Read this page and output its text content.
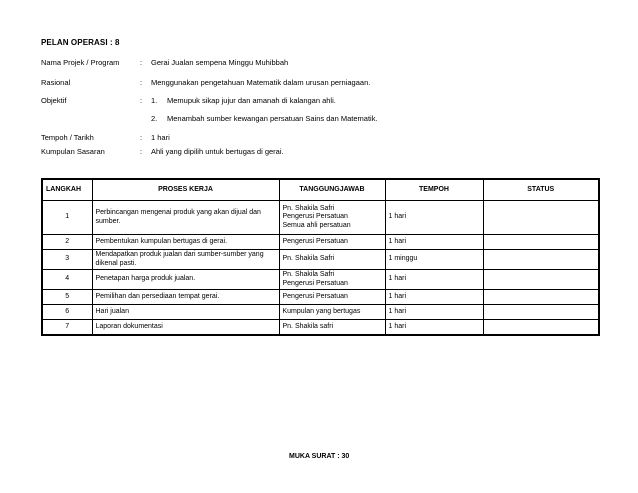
PELAN OPERASI : 8
Nama Projek / Program	: Gerai Jualan sempena Minggu Muhibbah
Rasional	: Menggunakan pengetahuan Matematik dalam urusan perniagaan.
Objektif	: 1. Memupuk sikap jujur dan amanah di kalangan ahli.
2. Menambah sumber kewangan persatuan Sains dan Matematik.
Tempoh / Tarikh	: 1 hari
Kumpulan Sasaran	: Ahli yang dipilih untuk bertugas di gerai.
LANGKAH	PROSES KERJA	TANGGUNGJAWAB	TEMPOH	STATUS
1	Perbincangan mengenai produk yang akan dijual dan sumber.	Pn. Shakila Safri
Pengerusi Persatuan
Semua ahli persatuan	1 hari	
2	Pembentukan kumpulan bertugas di gerai.	Pengerusi Persatuan	1 hari	
3	Mendapatkan produk jualan dari sumber-sumber yang dikenal pasti.	Pn. Shakila Safri	1 minggu	
4	Penetapan harga produk jualan.	Pn. Shakila Safri
Pengerusi Persatuan	1 hari	
5	Pemilihan dan persediaan tempat gerai.	Pengerusi Persatuan	1 hari	
6	Hari jualan	Kumpulan yang bertugas	1 hari	
7	Laporan dokumentasi	Pn. Shakila safri	1 hari	
MUKA SURAT : 30
